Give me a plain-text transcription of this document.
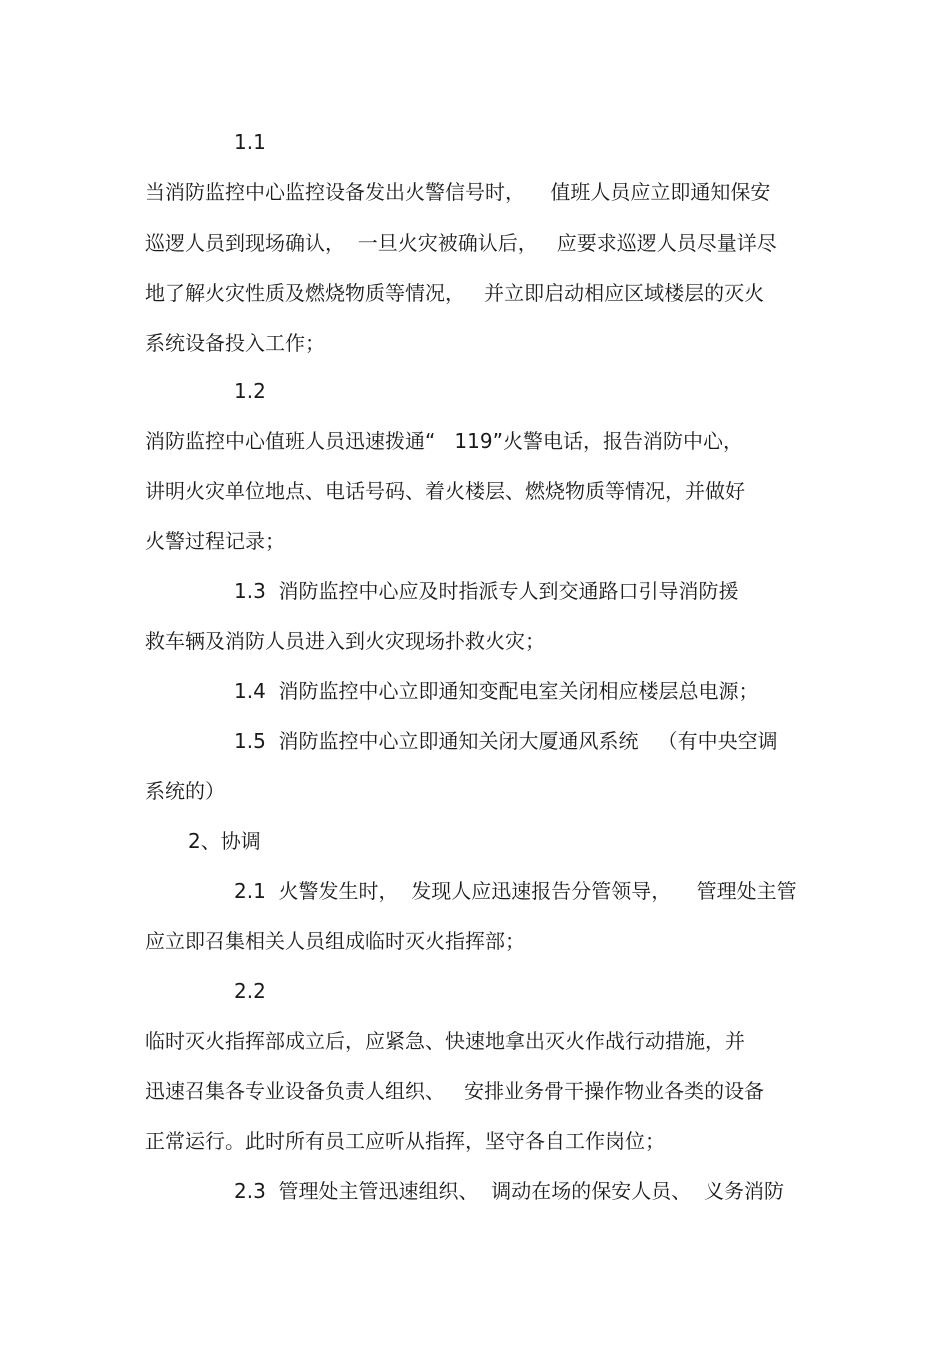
1.1

当消防监控中心监控设备发出火警信号时，    值班人员应立即通知保安

巡逻人员到现场确认，  一旦火灾被确认后，   应要求巡逻人员尽量详尽

地了解火灾性质及燃烧物质等情况，   并立即启动相应区域楼层的灭火

系统设备投入工作；

1.2

消防监控中心值班人员迅速拨通“   119”火警电话，报告消防中心，

讲明火灾单位地点、电话号码、着火楼层、燃烧物质等情况，并做好

火警过程记录；

1.3  消防监控中心应及时指派专人到交通路口引导消防援

救车辆及消防人员进入到火灾现场扑救火灾；

1.4  消防监控中心立即通知变配电室关闭相应楼层总电源；

1.5  消防监控中心立即通知关闭大厦通风系统   （有中央空调

系统的）

2、协调

2.1  火警发生时，  发现人应迅速报告分管领导，    管理处主管

应立即召集相关人员组成临时灭火指挥部；

2.2

临时灭火指挥部成立后，应紧急、快速地拿出灭火作战行动措施，并

迅速召集各专业设备负责人组织、   安排业务骨干操作物业各类的设备

正常运行。此时所有员工应听从指挥，坚守各自工作岗位；

2.3  管理处主管迅速组织、  调动在场的保安人员、  义务消防
